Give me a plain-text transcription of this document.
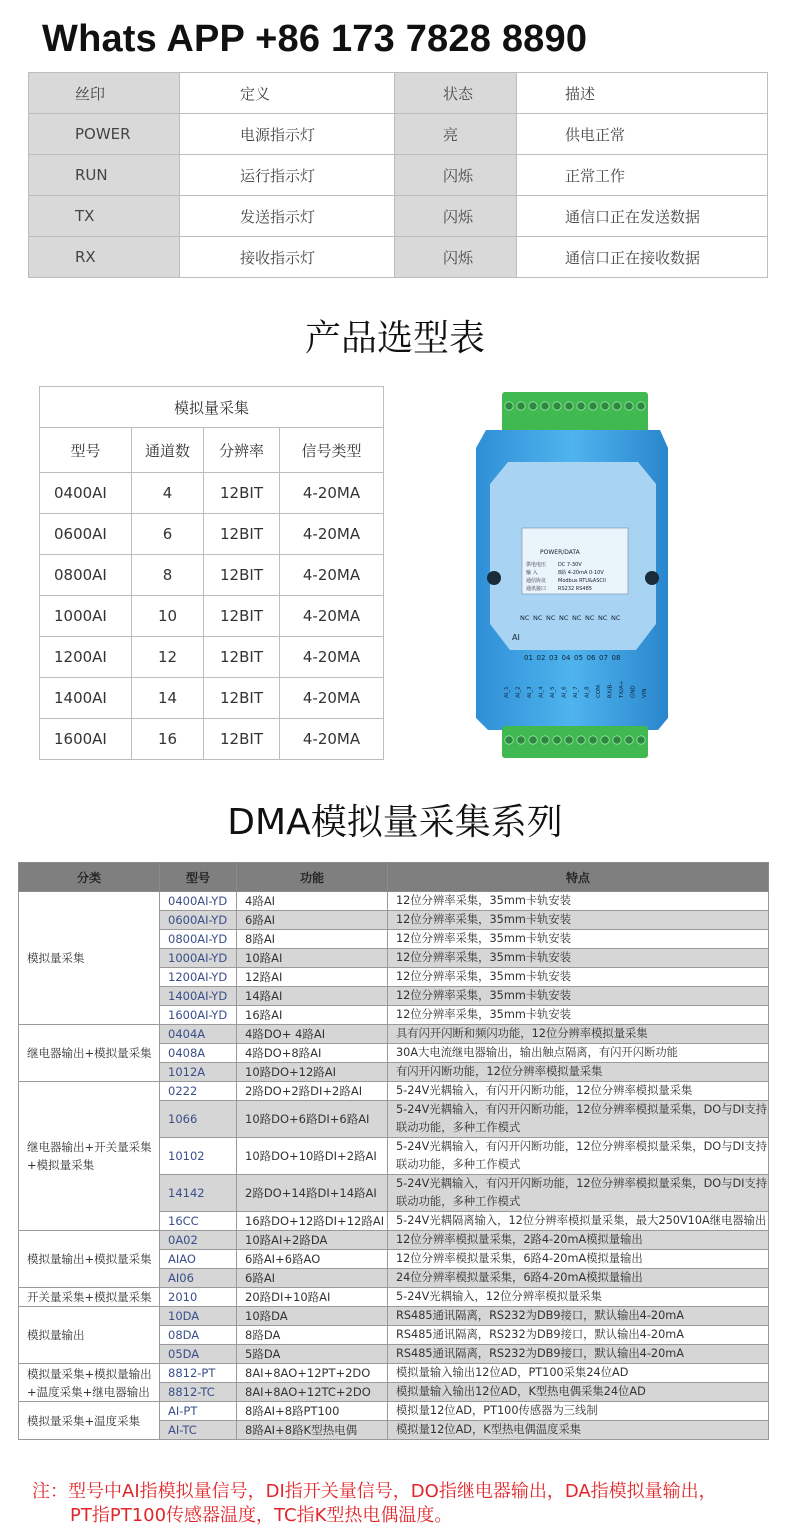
Whats APP +86 173 7828 8890
丝印	定义	状态	描述
POWER	电源指示灯	亮	供电正常
RUN	运行指示灯	闪烁	正常工作
TX	发送指示灯	闪烁	通信口正在发送数据
RX	接收指示灯	闪烁	通信口正在接收数据
产品选型表
模拟量采集			
型号	通道数	分辨率	信号类型
0400AI	4	12BIT	4-20MA
0600AI	6	12BIT	4-20MA
0800AI	8	12BIT	4-20MA
1000AI	10	12BIT	4-20MA
1200AI	12	12BIT	4-20MA
1400AI	14	12BIT	4-20MA
1600AI	16	12BIT	4-20MA
POWER/DATA
供电电压 DC 7-30V
输 入	8路 4-20mA 0-10V
通信协议 Modbus RTU&ASCII
通讯接口 RS232 RS485
AI
NC NC NC NC NC NC NC NC
01 02 03 04 05 06 07 08
AI_1 AI_2 AI_3 AI_4 AI_5 AI_6 AI_7 AI_8 COM RX/B- TX/A+ GND VIN
DMA模拟量采集系列
分类	型号	功能	特点
模拟量采集	0400AI-YD	4路AI	12位分辨率采集，35mm卡轨安装
	0600AI-YD	6路AI	12位分辨率采集，35mm卡轨安装
	0800AI-YD	8路AI	12位分辨率采集，35mm卡轨安装
	1000AI-YD	10路AI	12位分辨率采集，35mm卡轨安装
	1200AI-YD	12路AI	12位分辨率采集，35mm卡轨安装
	1400AI-YD	14路AI	12位分辨率采集，35mm卡轨安装
	1600AI-YD	16路AI	12位分辨率采集，35mm卡轨安装
继电器输出+模拟量采集	0404A	4路DO+ 4路AI	具有闪开闪断和频闪功能，12位分辨率模拟量采集
	0408A	4路DO+8路AI	30A大电流继电器输出，输出触点隔离，有闪开闪断功能
	1012A	10路DO+12路AI	有闪开闪断功能，12位分辨率模拟量采集
继电器输出+开关量采集+模拟量采集	0222	2路DO+2路DI+2路AI	5-24V光耦输入，有闪开闪断功能，12位分辨率模拟量采集
	1066	10路DO+6路DI+6路AI	5-24V光耦输入，有闪开闪断功能，12位分辨率模拟量采集，DO与DI支持联动功能，多种工作模式
	10102	10路DO+10路DI+2路AI	5-24V光耦输入，有闪开闪断功能，12位分辨率模拟量采集，DO与DI支持联动功能，多种工作模式
	14142	2路DO+14路DI+14路AI	5-24V光耦输入，有闪开闪断功能，12位分辨率模拟量采集，DO与DI支持联动功能，多种工作模式
	16CC	16路DO+12路DI+12路AI	5-24V光耦隔离输入，12位分辨率模拟量采集，最大250V10A继电器输出
模拟量输出+模拟量采集	0A02	10路AI+2路DA	12位分辨率模拟量采集，2路4-20mA模拟量输出
	AIAO	6路AI+6路AO	12位分辨率模拟量采集，6路4-20mA模拟量输出
	AI06	6路AI	24位分辨率模拟量采集，6路4-20mA模拟量输出
开关量采集+模拟量采集	2010	20路DI+10路AI	5-24V光耦输入，12位分辨率模拟量采集
模拟量输出	10DA	10路DA	RS485通讯隔离，RS232为DB9接口，默认输出4-20mA
	08DA	8路DA	RS485通讯隔离，RS232为DB9接口，默认输出4-20mA
	05DA	5路DA	RS485通讯隔离，RS232为DB9接口，默认输出4-20mA
模拟量采集+模拟量输出+温度采集+继电器输出	8812-PT	8AI+8AO+12PT+2DO	模拟量输入输出12位AD，PT100采集24位AD
	8812-TC	8AI+8AO+12TC+2DO	模拟量输入输出12位AD，K型热电偶采集24位AD
模拟量采集+温度采集	AI-PT	8路AI+8路PT100	模拟量12位AD，PT100传感器为三线制
	AI-TC	8路AI+8路K型热电偶	模拟量12位AD，K型热电偶温度采集
注：型号中AI指模拟量信号，DI指开关量信号，DO指继电器输出，DA指模拟量输出，
PT指PT100传感器温度，TC指K型热电偶温度。
